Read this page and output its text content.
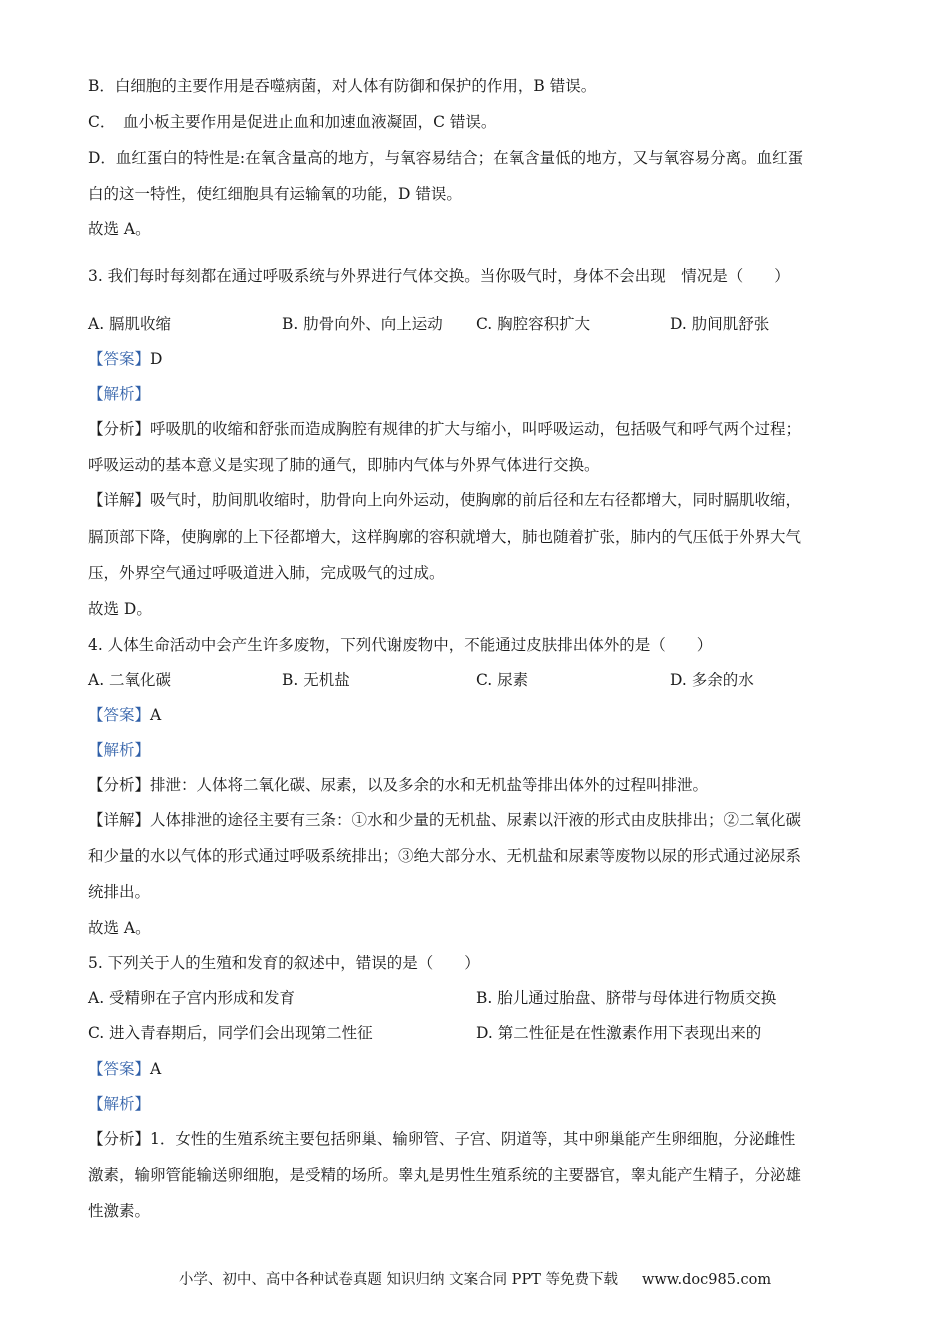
B．白细胞的主要作用是吞噬病菌，对人体有防御和保护的作用，B 错误。
C．　血小板主要作用是促进止血和加速血液凝固，C 错误。
D．血红蛋白的特性是:在氧含量高的地方，与氧容易结合；在氧含量低的地方，又与氧容易分离。血红蛋
白的这一特性，使红细胞具有运输氧的功能，D 错误。
故选 A。
3. 我们每时每刻都在通过呼吸系统与外界进行气体交换。当你吸气时，身体不会出现　情况是（　　）
A. 膈肌收缩	B. 肋骨向外、向上运动 C. 胸腔容积扩大	D. 肋间肌舒张
【答案】D
【解析】
【分析】呼吸肌的收缩和舒张而造成胸腔有规律的扩大与缩小，叫呼吸运动，包括吸气和呼气两个过程；
呼吸运动的基本意义是实现了肺的通气，即肺内气体与外界气体进行交换。
【详解】吸气时，肋间肌收缩时，肋骨向上向外运动，使胸廓的前后径和左右径都增大，同时膈肌收缩，
膈顶部下降，使胸廓的上下径都增大，这样胸廓的容积就增大，肺也随着扩张，肺内的气压低于外界大气
压，外界空气通过呼吸道进入肺，完成吸气的过成。
故选 D。
4. 人体生命活动中会产生许多废物，下列代谢废物中，不能通过皮肤排出体外的是（　　）
A. 二氧化碳	B. 无机盐	C. 尿素	D. 多余的水
【答案】A
【解析】
【分析】排泄：人体将二氧化碳、尿素，以及多余的水和无机盐等排出体外的过程叫排泄。
【详解】人体排泄的途径主要有三条：①水和少量的无机盐、尿素以汗液的形式由皮肤排出；②二氧化碳
和少量的水以气体的形式通过呼吸系统排出；③绝大部分水、无机盐和尿素等废物以尿的形式通过泌尿系
统排出。
故选 A。
5. 下列关于人的生殖和发育的叙述中，错误的是（　　）
A. 受精卵在子宫内形成和发育	B. 胎儿通过胎盘、脐带与母体进行物质交换
C. 进入青春期后，同学们会出现第二性征	D. 第二性征是在性激素作用下表现出来的
【答案】A
【解析】
【分析】1．女性的生殖系统主要包括卵巢、输卵管、子宫、阴道等，其中卵巢能产生卵细胞，分泌雌性
激素，输卵管能输送卵细胞，是受精的场所。睾丸是男性生殖系统的主要器官，睾丸能产生精子，分泌雄
性激素。
小学、初中、高中各种试卷真题 知识归纳 文案合同 PPT 等免费下载 www.doc985.com
